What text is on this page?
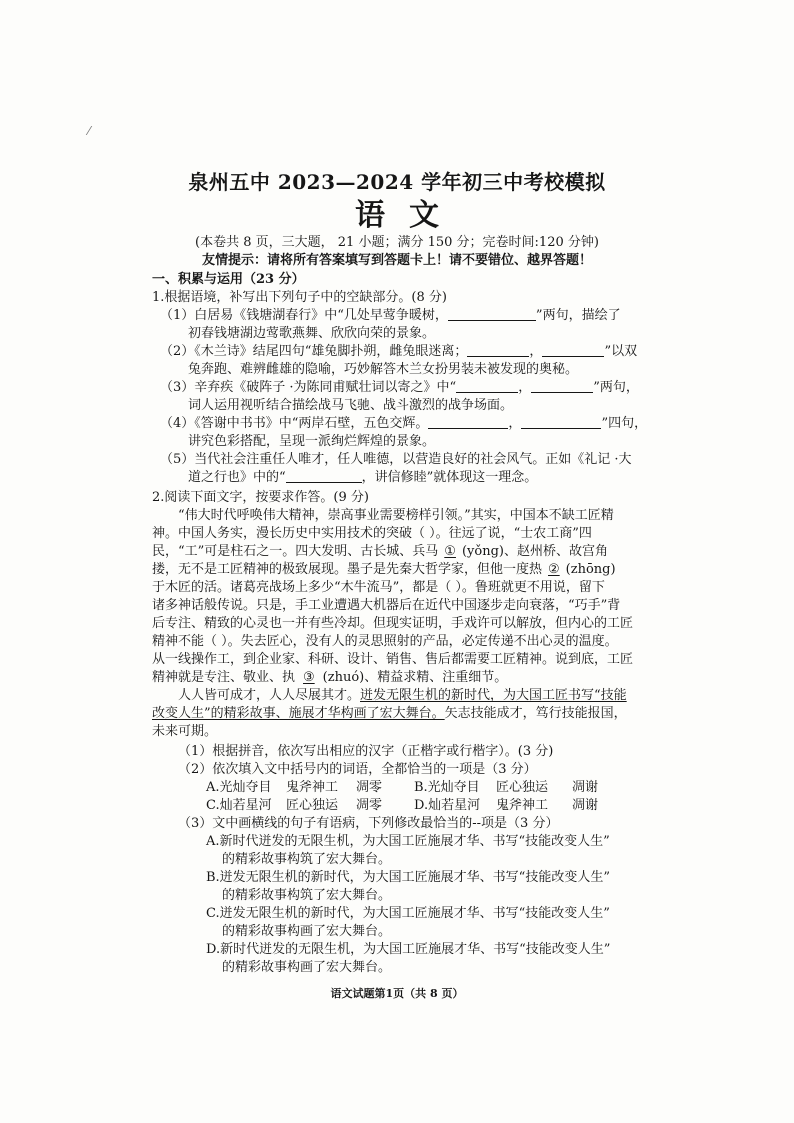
⁄
泉州五中 2023—2024 学年初三中考校模拟
语文
(本卷共 8 页，三大题， 21 小题；满分 150 分；完卷时间:120 分钟)
友情提示：请将所有答案填写到答题卡上！请不要错位、越界答题！
一、积累与运用（23 分）
1.根据语境，补写出下列句子中的空缺部分。(8 分)
（1）白居易《钱塘湖春行》中“几处早莺争暖树，	”两句，描绘了
初春钱塘湖边莺歌燕舞、欣欣向荣的景象。
（2）《木兰诗》结尾四句“雄兔脚扑朔，雌兔眼迷离；	，	”以双
兔奔跑、难辨雌雄的隐喻，巧妙解答木兰女扮男装未被发现的奥秘。
（3）辛弃疾《破阵子 ·为陈同甫赋壮词以寄之》中“	，	”两句，
词人运用视听结合描绘战马飞驰、战斗激烈的战争场面。
（4）《答谢中书书》中“两岸石壁，五色交辉。	，	”四句，
讲究色彩搭配，呈现一派绚烂辉煌的景象。
（5）当代社会注重任人唯才，任人唯德，以营造良好的社会风气。正如《礼记 ·大
道之行也》中的“	，讲信修睦”就体现这一理念。
2.阅读下面文字，按要求作答。(9 分)
“伟大时代呼唤伟大精神，崇高事业需要榜样引领。”其实，中国本不缺工匠精
神。中国人务实，漫长历史中实用技术的突破（ ）。往远了说，“士农工商”四
民，“工”可是柱石之一。四大发明、古长城、兵马 ① (yǒng)、赵州桥、故宫角
搂，无不是工匠精神的极致展现。墨子是先秦大哲学家，但他一度热 ② (zhōng)
于木匠的活。诸葛亮战场上多少“木牛流马”，都是（ ）。鲁班就更不用说，留下
诸多神话般传说。只是，手工业遭遇大机器后在近代中国逐步走向衰落，“巧手”背
后专注、精致的心灵也一并有些冷却。但现实证明，手戏许可以解放，但内心的工匠
精神不能（ ）。失去匠心，没有人的灵思照射的产品，必定传递不出心灵的温度。
从一线操作工，到企业家、科研、设计、销售、售后都需要工匠精神。说到底，工匠
精神就是专注、敬业、执 ③ (zhuó)、精益求精、注重细节。
人人皆可成才，人人尽展其才。迸发无限生机的新时代，为大国工匠书写“技能
改变人生”的精彩故事、施展才华构画了宏大舞台。矢志技能成才，笃行技能报国，
未来可期。
（1）根据拼音，依次写出相应的汉字（正楷字或行楷字）。(3 分)
（2）依次填入文中括号内的词语，全都恰当的一项是（3 分）
A.光灿夺目 鬼斧神工 凋零 B.光灿夺目 匠心独运 凋谢
C.灿若星河 匠心独运 凋零 D.灿若星河 鬼斧神工 凋谢
（3）文中画横线的句子有语病，下列修改最恰当的--项是（3 分）
A.新时代迸发的无限生机，为大国工匠施展才华、书写“技能改变人生”
的精彩故事构筑了宏大舞台。
B.迸发无限生机的新时代，为大国工匠施展才华、书写“技能改变人生”
的精彩故事构筑了宏大舞台。
C.迸发无限生机的新时代，为大国工匠施展才华、书写“技能改变人生”
的精彩故事构画了宏大舞台。
D.新时代迸发的无限生机，为大国工匠施展才华、书写“技能改变人生”
的精彩故事构画了宏大舞台。
语文试题第1页（共 8 页）
